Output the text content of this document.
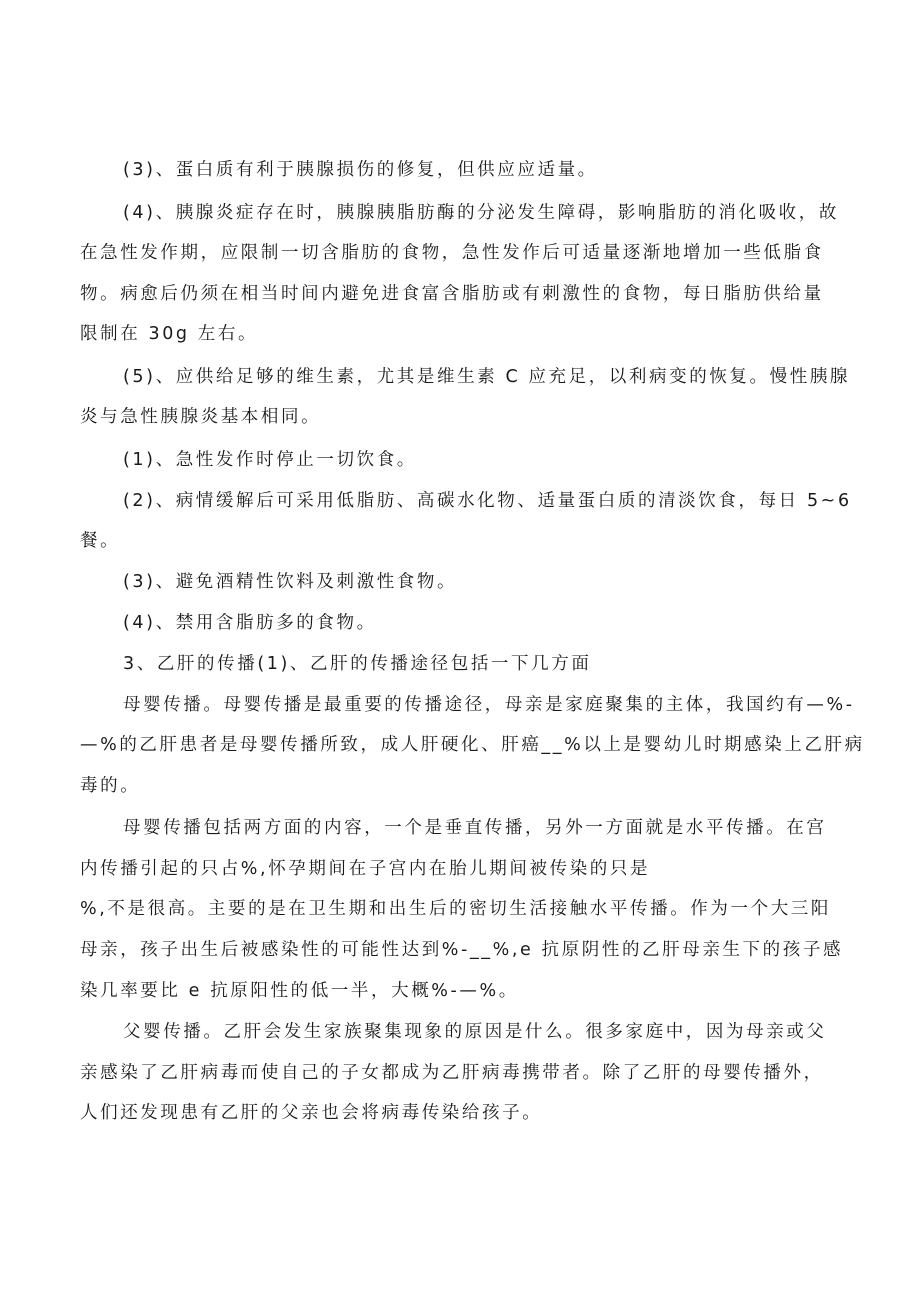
(3)、蛋白质有利于胰腺损伤的修复，但供应应适量。
(4)、胰腺炎症存在时，胰腺胰脂肪酶的分泌发生障碍，影响脂肪的消化吸收，故
在急性发作期，应限制一切含脂肪的食物，急性发作后可适量逐渐地增加一些低脂食
物。病愈后仍须在相当时间内避免进食富含脂肪或有刺激性的食物，每日脂肪供给量
限制在 30g 左右。
(5)、应供给足够的维生素，尤其是维生素 C 应充足，以利病变的恢复。慢性胰腺
炎与急性胰腺炎基本相同。
(1)、急性发作时停止一切饮食。
(2)、病情缓解后可采用低脂肪、高碳水化物、适量蛋白质的清淡饮食，每日 5~6
餐。
(3)、避免酒精性饮料及刺激性食物。
(4)、禁用含脂肪多的食物。
3、乙肝的传播(1)、乙肝的传播途径包括一下几方面
母婴传播。母婴传播是最重要的传播途径，母亲是家庭聚集的主体，我国约有—%-
—%的乙肝患者是母婴传播所致，成人肝硬化、肝癌__%以上是婴幼儿时期感染上乙肝病
毒的。
母婴传播包括两方面的内容，一个是垂直传播，另外一方面就是水平传播。在宫
内传播引起的只占%,怀孕期间在子宫内在胎儿期间被传染的只是
%,不是很高。主要的是在卫生期和出生后的密切生活接触水平传播。作为一个大三阳
母亲，孩子出生后被感染性的可能性达到%-__%,e 抗原阴性的乙肝母亲生下的孩子感
染几率要比 e 抗原阳性的低一半，大概%-—%。
父婴传播。乙肝会发生家族聚集现象的原因是什么。很多家庭中，因为母亲或父
亲感染了乙肝病毒而使自己的子女都成为乙肝病毒携带者。除了乙肝的母婴传播外，
人们还发现患有乙肝的父亲也会将病毒传染给孩子。
